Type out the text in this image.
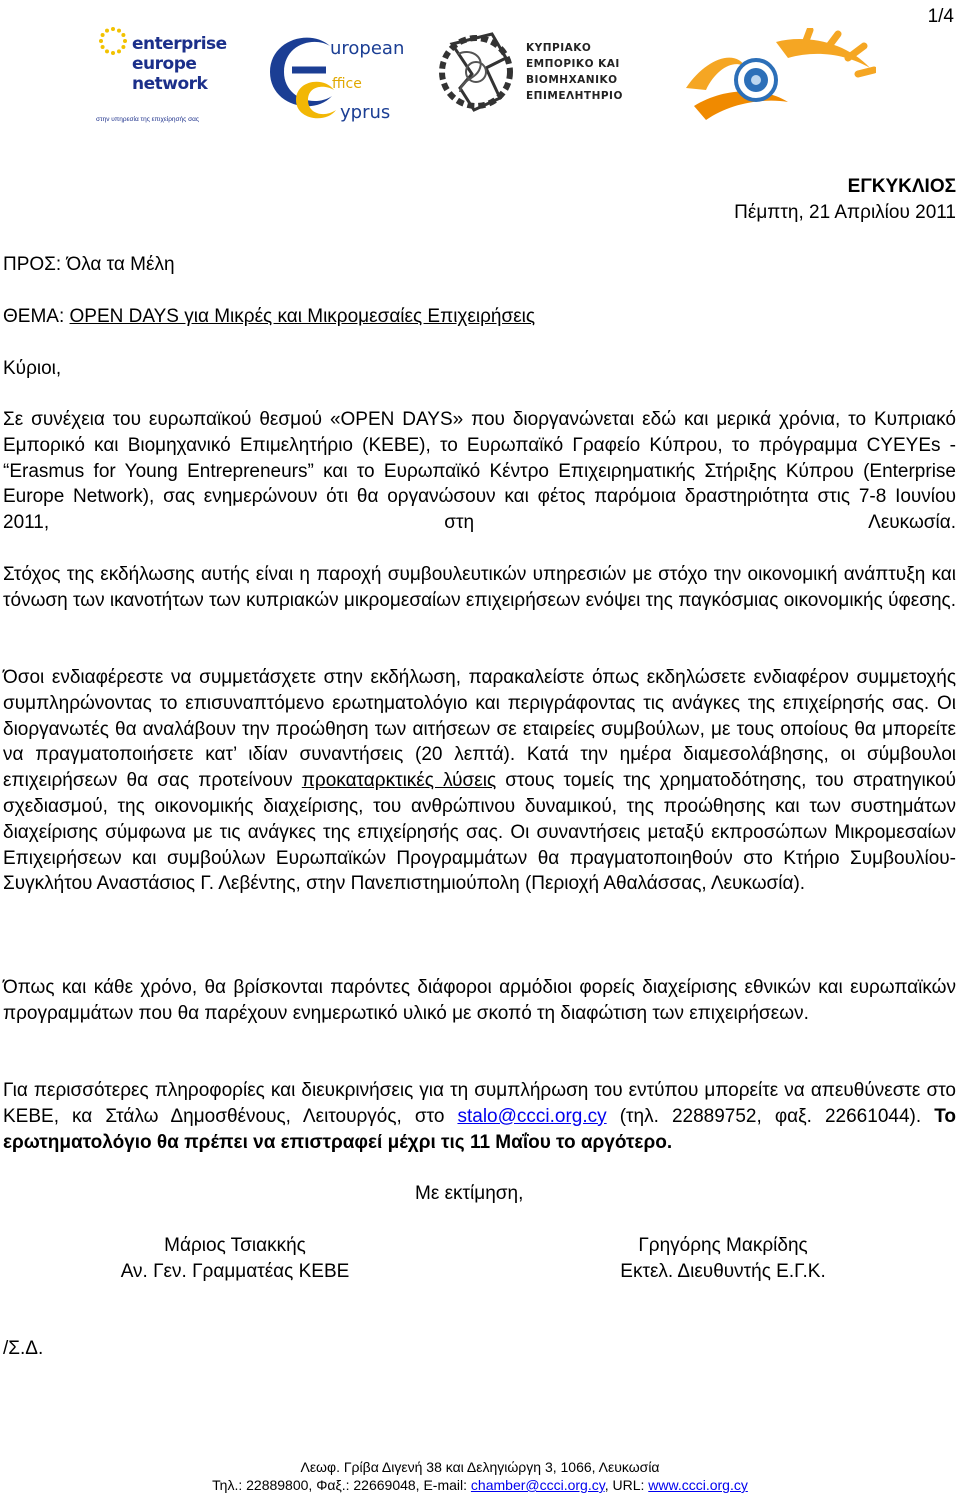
1/4
enterprise
europe
network
στην υπηρεσία της επιχείρησής σας
uropean
ffice
yprus
ΚΥΠΡΙΑΚΟ
ΕΜΠΟΡΙΚΟ ΚΑΙ
ΒΙΟΜΗΧΑΝΙΚΟ
ΕΠΙΜΕΛΗΤΗΡΙΟ
ΕΓΚΥΚΛΙΟΣ
Πέμπτη, 21 Απριλίου 2011
ΠΡΟΣ: Όλα τα Μέλη
ΘΕΜΑ: OPEN DAYS για Μικρές και Μικρομεσαίες Επιχειρήσεις
Κύριοι,
Σε συνέχεια του ευρωπαϊκού θεσμού «OPEN DAYS» που διοργανώνεται εδώ και μερικά χρόνια, το Κυπριακό Εμπορικό και Βιομηχανικό Επιμελητήριο (ΚΕΒΕ), το Ευρωπαϊκό Γραφείο Κύπρου, το πρόγραμμα CYEYEs - “Erasmus for Young Entrepreneurs” και το Ευρωπαϊκό Κέντρο Επιχειρηματικής Στήριξης Κύπρου (Enterprise Europe Network), σας ενημερώνουν ότι θα οργανώσουν και φέτος παρόμοια δραστηριότητα στις 7-8 Ιουνίου 2011, στη Λευκωσία.
Στόχος της εκδήλωσης αυτής είναι η παροχή συμβουλευτικών υπηρεσιών με στόχο την οικονομική ανάπτυξη και τόνωση των ικανοτήτων των κυπριακών μικρομεσαίων επιχειρήσεων ενόψει της παγκόσμιας οικονομικής ύφεσης.
Όσοι ενδιαφέρεστε να συμμετάσχετε στην εκδήλωση, παρακαλείστε όπως εκδηλώσετε ενδιαφέρον συμμετοχής συμπληρώνοντας το επισυναπτόμενο ερωτηματολόγιο και περιγράφοντας τις ανάγκες της επιχείρησής σας. Οι διοργανωτές θα αναλάβουν την προώθηση των αιτήσεων σε εταιρείες συμβούλων, με τους οποίους θα μπορείτε να πραγματοποιήσετε κατ’ ιδίαν συναντήσεις (20 λεπτά). Κατά την ημέρα διαμεσολάβησης, οι σύμβουλοι επιχειρήσεων θα σας προτείνουν προκαταρκτικές λύσεις στους τομείς της χρηματοδότησης, του στρατηγικού σχεδιασμού, της οικονομικής διαχείρισης, του ανθρώπινου δυναμικού, της προώθησης και των συστημάτων διαχείρισης σύμφωνα με τις ανάγκες της επιχείρησής σας. Οι συναντήσεις μεταξύ εκπροσώπων Μικρομεσαίων Επιχειρήσεων και συμβούλων Ευρωπαϊκών Προγραμμάτων θα πραγματοποιηθούν στο Κτήριο Συμβουλίου-Συγκλήτου Αναστάσιος Γ. Λεβέντης, στην Πανεπιστημιούπολη (Περιοχή Αθαλάσσας, Λευκωσία).
Όπως και κάθε χρόνο, θα βρίσκονται παρόντες διάφοροι αρμόδιοι φορείς διαχείρισης εθνικών και ευρωπαϊκών προγραμμάτων που θα παρέχουν ενημερωτικό υλικό με σκοπό τη διαφώτιση των επιχειρήσεων.
Για περισσότερες πληροφορίες και διευκρινήσεις για τη συμπλήρωση του εντύπου μπορείτε να απευθύνεστε στο ΚΕΒΕ, κα Στάλω Δημοσθένους, Λειτουργός, στο stalo@ccci.org.cy (τηλ. 22889752, φαξ. 22661044). Το ερωτηματολόγιο θα πρέπει να επιστραφεί μέχρι τις 11 Μαΐου το αργότερο.
Με εκτίμηση,
Μάριος Τσιακκής
Αν. Γεν. Γραμματέας ΚΕΒΕ
Γρηγόρης Μακρίδης
Εκτελ. Διευθυντής Ε.Γ.Κ.
/Σ.Δ.
Λεωφ. Γρίβα Διγενή 38 και Δεληγιώργη 3, 1066, Λευκωσία
Τηλ.: 22889800, Φαξ.: 22669048, E-mail: chamber@ccci.org.cy, URL: www.ccci.org.cy
